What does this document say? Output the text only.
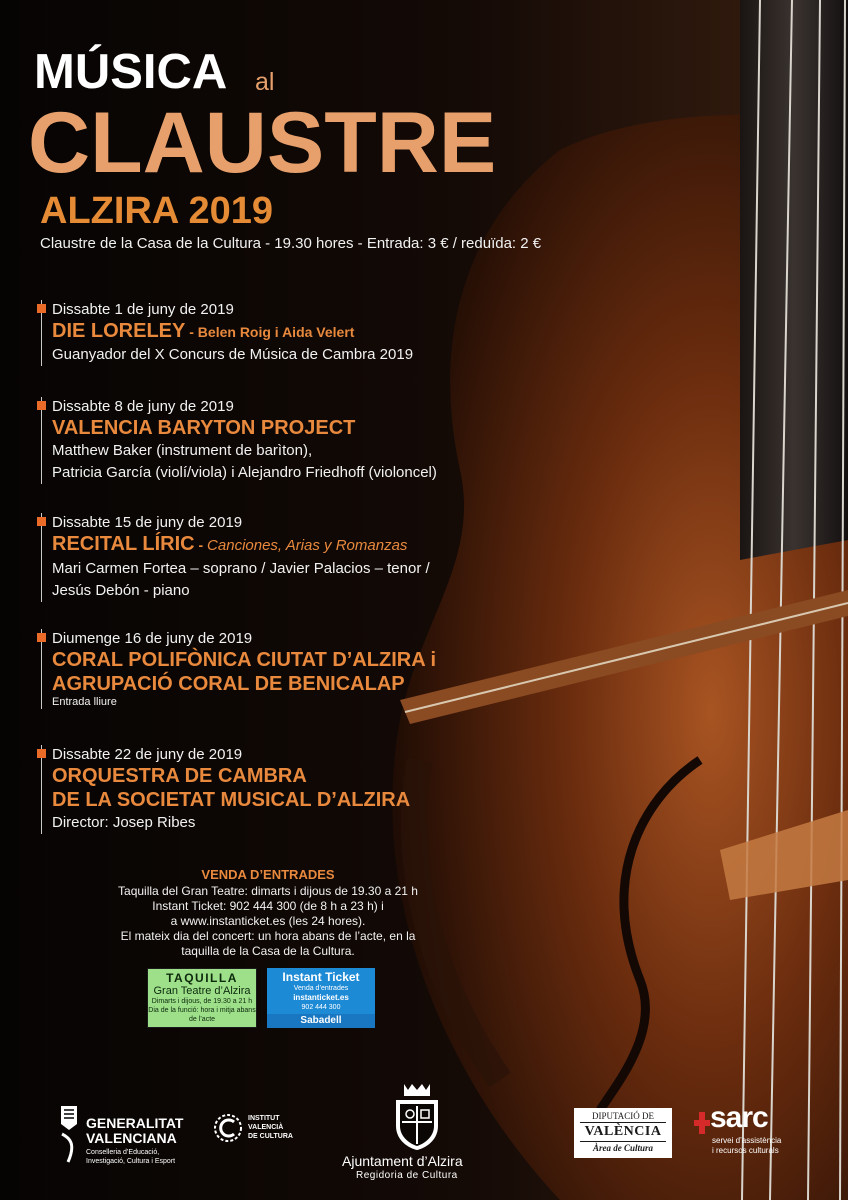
MÚSICA al
CLAUSTRE
ALZIRA 2019
Claustre de la Casa de la Cultura - 19.30 hores - Entrada: 3 € / reduïda: 2 €
Dissabte 1 de juny de 2019
DIE LORELEY - Belen Roig i Aida Velert
Guanyador del X Concurs de Música de Cambra 2019
Dissabte 8 de juny de 2019
VALENCIA BARYTON PROJECT
Matthew Baker (instrument de barìton),
Patricia García (violí/viola) i Alejandro Friedhoff (violoncel)
Dissabte 15 de juny de 2019
RECITAL LÍRIC - Canciones, Arias y Romanzas
Mari Carmen Fortea – soprano / Javier Palacios – tenor /
Jesús Debón - piano
Diumenge 16 de juny de 2019
CORAL POLIFÒNICA CIUTAT D’ALZIRA i
AGRUPACIÓ CORAL DE BENICALAP
Entrada lliure
Dissabte 22 de juny de 2019
ORQUESTRA DE CAMBRA
DE LA SOCIETAT MUSICAL D’ALZIRA
Director: Josep Ribes
VENDA D’ENTRADES
Taquilla del Gran Teatre: dimarts i dijous de 19.30 a 21 h
Instant Ticket: 902 444 300 (de 8 h a 23 h) i
a www.instanticket.es (les 24 hores).
El mateix dia del concert: un hora abans de l’acte, en la
taquilla de la Casa de la Cultura.
TAQUILLA
Gran Teatre d’Alzira
Dimarts i dijous, de 19.30 a 21 h
Dia de la funció: hora i mitja abans de l’acte
Instant Ticket
Venda d’entrades
instanticket.es
902 444 300
Sabadell
GENERALITAT
VALENCIANA
Conselleria d’Educació,
Investigació, Cultura i Esport
INSTITUT
VALENCIÀ
DE CULTURA
Ajuntament d’Alzira
Regidoria de Cultura
DIPUTACIÓ DE
VALÈNCIA
Àrea de Cultura
sarc
servei d’assistència
i recursos culturals
